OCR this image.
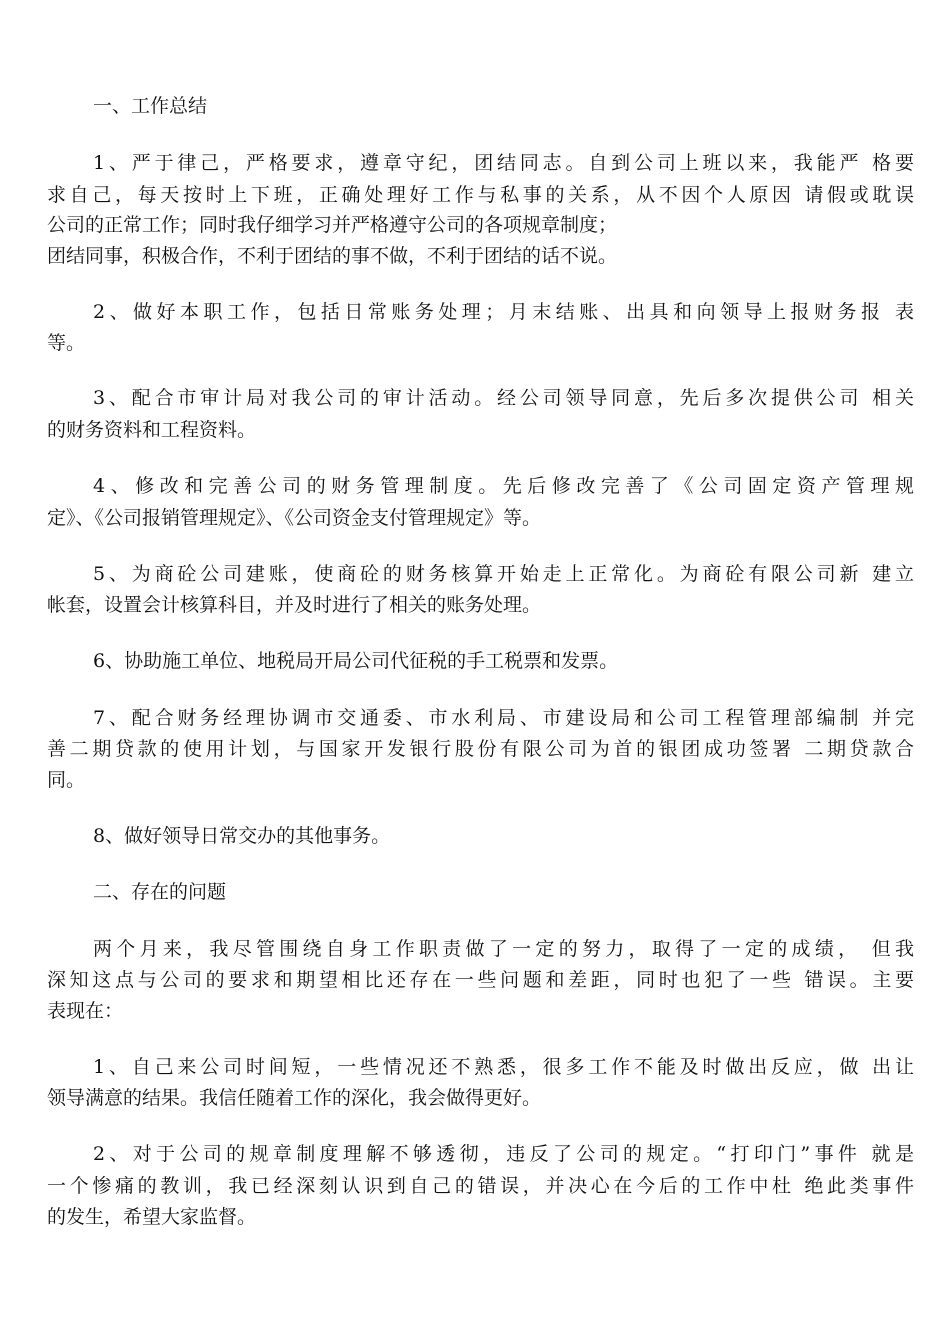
一、工作总结
1、严于律己，严格要求，遵章守纪，团结同志。自到公司上班以来，我能严 格要
求自己，每天按时上下班，正确处理好工作与私事的关系，从不因个人原因 请假或耽误
公司的正常工作；同时我仔细学习并严格遵守公司的各项规章制度；
团结同事，积极合作，不利于团结的事不做，不利于团结的话不说。
2、做好本职工作，包括日常账务处理；月末结账、出具和向领导上报财务报 表
等。
3、配合市审计局对我公司的审计活动。经公司领导同意，先后多次提供公司 相关
的财务资料和工程资料。
4、修改和完善公司的财务管理制度。先后修改完善了《公司固定资产管理规
定》、《公司报销管理规定》、《公司资金支付管理规定》等。
5、为商砼公司建账，使商砼的财务核算开始走上正常化。为商砼有限公司新 建立
帐套，设置会计核算科目，并及时进行了相关的账务处理。
6、协助施工单位、地税局开局公司代征税的手工税票和发票。
7、配合财务经理协调市交通委、市水利局、市建设局和公司工程管理部编制 并完
善二期贷款的使用计划，与国家开发银行股份有限公司为首的银团成功签署 二期贷款合
同。
8、做好领导日常交办的其他事务。
二、存在的问题
两个月来，我尽管围绕自身工作职责做了一定的努力，取得了一定的成绩， 但我
深知这点与公司的要求和期望相比还存在一些问题和差距，同时也犯了一些 错误。主要
表现在：
1、自己来公司时间短，一些情况还不熟悉，很多工作不能及时做出反应，做 出让
领导满意的结果。我信任随着工作的深化，我会做得更好。
2、对于公司的规章制度理解不够透彻，违反了公司的规定。“打印门”事件 就是
一个惨痛的教训，我已经深刻认识到自己的错误，并决心在今后的工作中杜 绝此类事件
的发生，希望大家监督。
